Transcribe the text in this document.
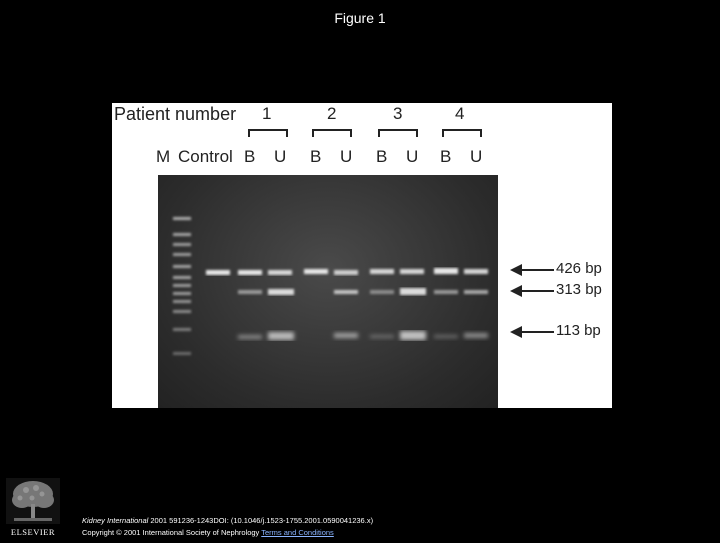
Figure 1
Patient number 1	2	3	4
M Control B U B U B U B U
426 bp
313 bp
113 bp
ELSEVIER
Kidney International 2001 591236-1243DOI: (10.1046/j.1523-1755.2001.0590041236.x)
Copyright © 2001 International Society of Nephrology Terms and Conditions
